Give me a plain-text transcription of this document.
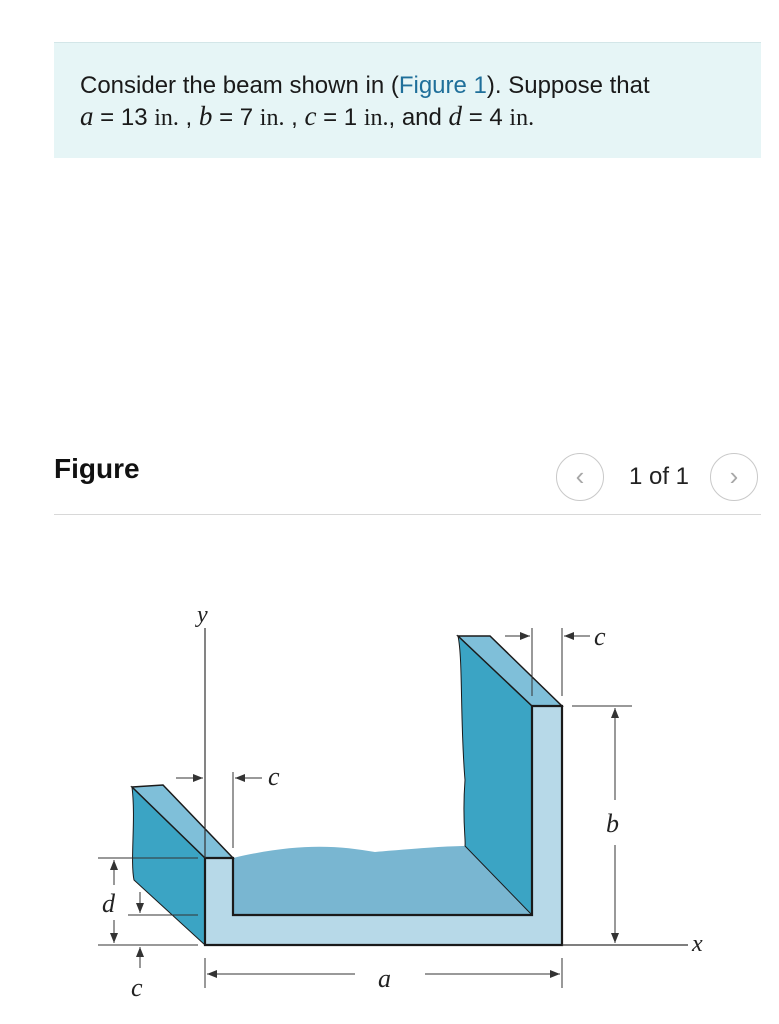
Consider the beam shown in (Figure 1). Suppose that
a = 13 in. , b = 7 in. , c = 1 in., and d = 4 in.
Figure	‹	1 of 1	›
y
x
a
b
c
c
d
c
